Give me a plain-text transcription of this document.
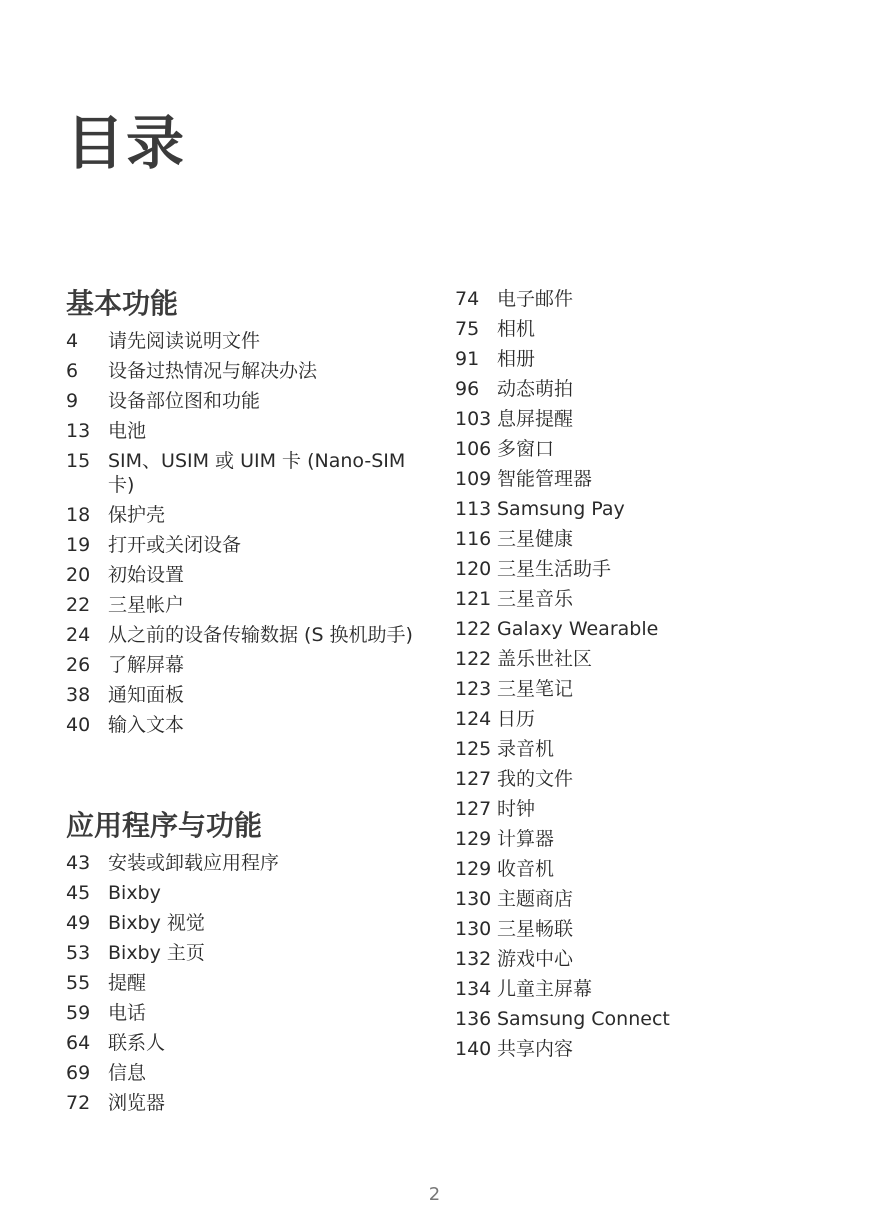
目录
基本功能
4	请先阅读说明文件
6	设备过热情况与解决办法
9	设备部位图和功能
13 电池
15 SIM、USIM 或 UIM 卡 (Nano-SIM 卡)
18 保护壳
19 打开或关闭设备
20 初始设置
22 三星帐户
24 从之前的设备传输数据 (S 换机助手)
26 了解屏幕
38 通知面板
40 输入文本
应用程序与功能
43 安装或卸载应用程序
45 Bixby
49 Bixby 视觉
53 Bixby 主页
55 提醒
59 电话
64 联系人
69 信息
72 浏览器
74 电子邮件
75 相机
91 相册
96 动态萌拍
103 息屏提醒
106 多窗口
109 智能管理器
113 Samsung Pay
116 三星健康
120 三星生活助手
121 三星音乐
122 Galaxy Wearable
122 盖乐世社区
123 三星笔记
124 日历
125 录音机
127 我的文件
127 时钟
129 计算器
129 收音机
130 主题商店
130 三星畅联
132 游戏中心
134 儿童主屏幕
136 Samsung Connect
140 共享内容
2
